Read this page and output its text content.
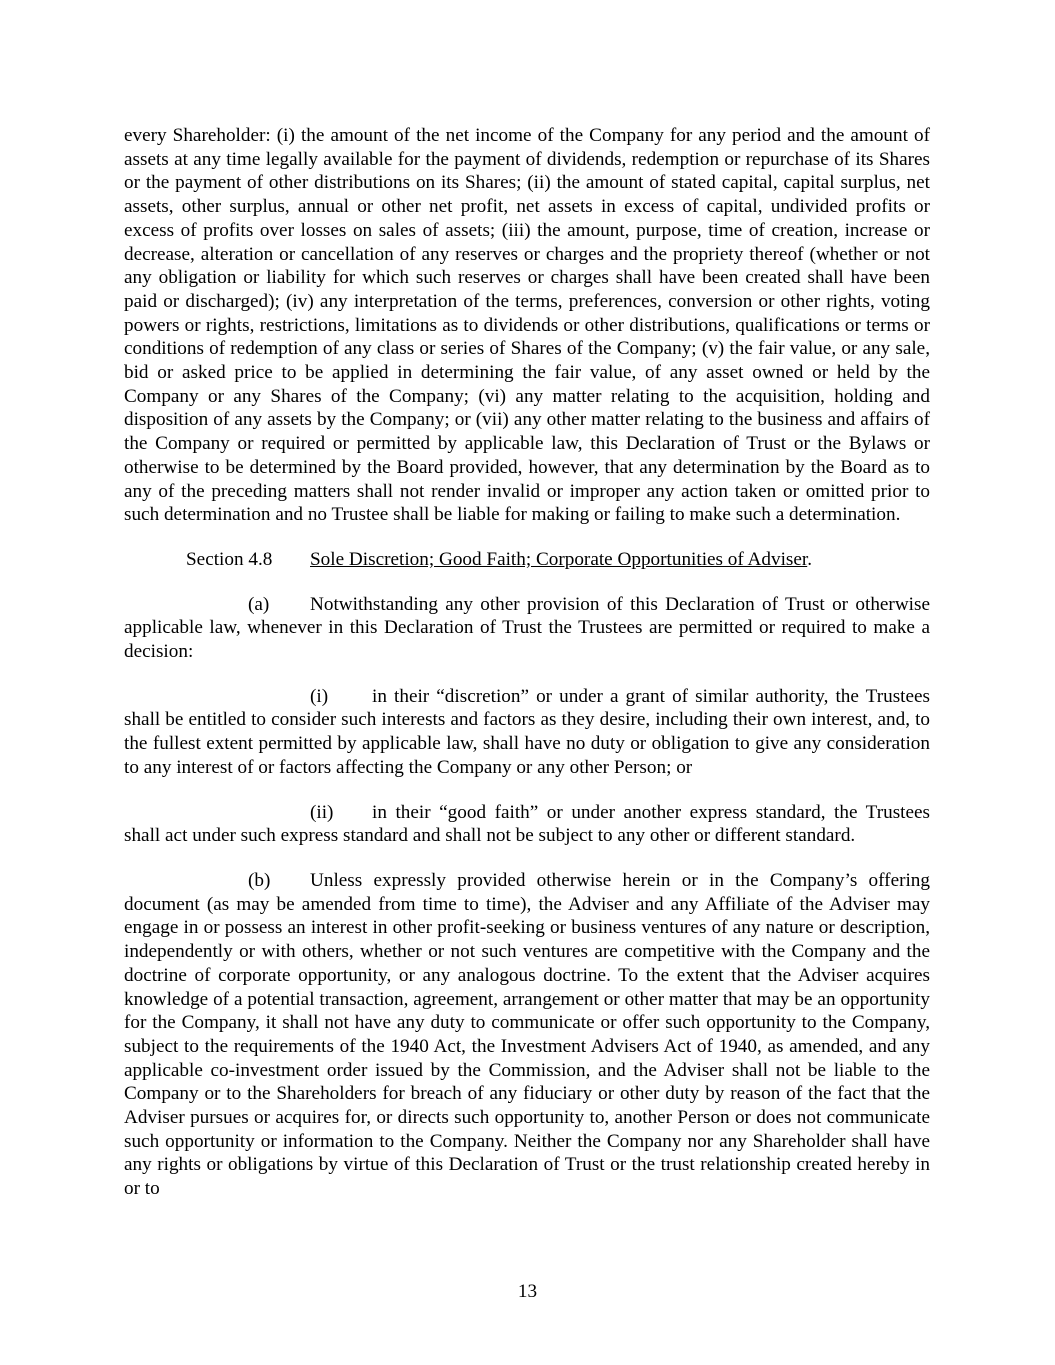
every Shareholder: (i) the amount of the net income of the Company for any period and the amount of assets at any time legally available for the payment of dividends, redemption or repurchase of its Shares or the payment of other distributions on its Shares; (ii) the amount of stated capital, capital surplus, net assets, other surplus, annual or other net profit, net assets in excess of capital, undivided profits or excess of profits over losses on sales of assets; (iii) the amount, purpose, time of creation, increase or decrease, alteration or cancellation of any reserves or charges and the propriety thereof (whether or not any obligation or liability for which such reserves or charges shall have been created shall have been paid or discharged); (iv) any interpretation of the terms, preferences, conversion or other rights, voting powers or rights, restrictions, limitations as to dividends or other distributions, qualifications or terms or conditions of redemption of any class or series of Shares of the Company; (v) the fair value, or any sale, bid or asked price to be applied in determining the fair value, of any asset owned or held by the Company or any Shares of the Company; (vi) any matter relating to the acquisition, holding and disposition of any assets by the Company; or (vii) any other matter relating to the business and affairs of the Company or required or permitted by applicable law, this Declaration of Trust or the Bylaws or otherwise to be determined by the Board provided, however, that any determination by the Board as to any of the preceding matters shall not render invalid or improper any action taken or omitted prior to such determination and no Trustee shall be liable for making or failing to make such a determination.

Section 4.8 Sole Discretion; Good Faith; Corporate Opportunities of Adviser.

(a) Notwithstanding any other provision of this Declaration of Trust or otherwise applicable law, whenever in this Declaration of Trust the Trustees are permitted or required to make a decision:

(i) in their “discretion” or under a grant of similar authority, the Trustees shall be entitled to consider such interests and factors as they desire, including their own interest, and, to the fullest extent permitted by applicable law, shall have no duty or obligation to give any consideration to any interest of or factors affecting the Company or any other Person; or

(ii) in their “good faith” or under another express standard, the Trustees shall act under such express standard and shall not be subject to any other or different standard.

(b) Unless expressly provided otherwise herein or in the Company’s offering document (as may be amended from time to time), the Adviser and any Affiliate of the Adviser may engage in or possess an interest in other profit-seeking or business ventures of any nature or description, independently or with others, whether or not such ventures are competitive with the Company and the doctrine of corporate opportunity, or any analogous doctrine. To the extent that the Adviser acquires knowledge of a potential transaction, agreement, arrangement or other matter that may be an opportunity for the Company, it shall not have any duty to communicate or offer such opportunity to the Company, subject to the requirements of the 1940 Act, the Investment Advisers Act of 1940, as amended, and any applicable co-investment order issued by the Commission, and the Adviser shall not be liable to the Company or to the Shareholders for breach of any fiduciary or other duty by reason of the fact that the Adviser pursues or acquires for, or directs such opportunity to, another Person or does not communicate such opportunity or information to the Company. Neither the Company nor any Shareholder shall have any rights or obligations by virtue of this Declaration of Trust or the trust relationship created hereby in or to

13
